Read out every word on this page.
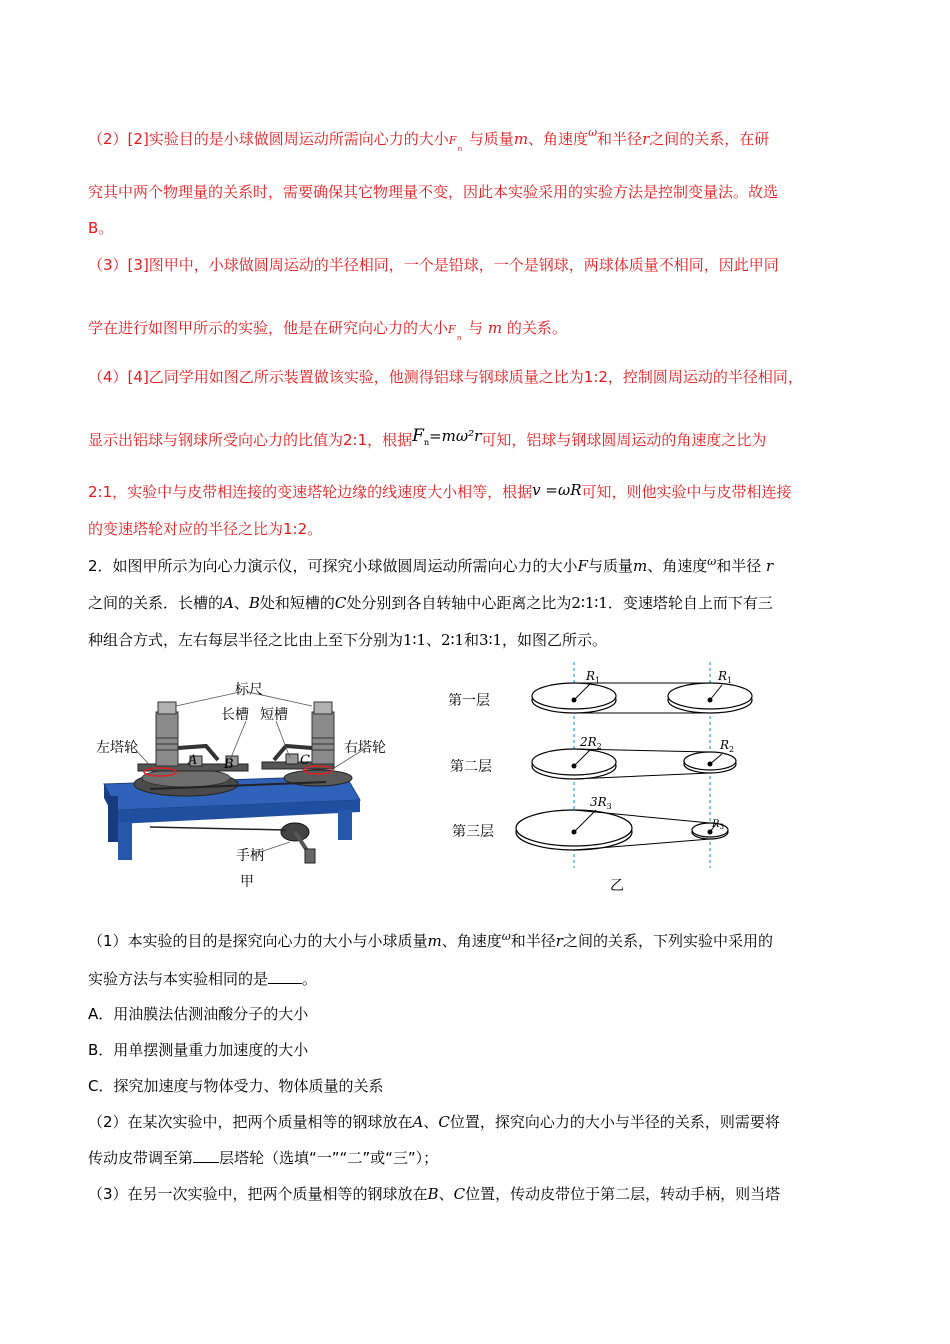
（2）[2]实验目的是小球做圆周运动所需向心力的大小 F
n
与质量m、角速度$^\omega$和半径r之间的关系，在研
究其中两个物理量的关系时，需要确保其它物理量不变，因此本实验采用的实验方法是控制变量法。故选
B。
（3）[3]图甲中，小球做圆周运动的半径相同，一个是铅球，一个是钢球，两球体质量不相同，因此甲同
学在进行如图甲所示的实验，他是在研究向心力的大小 F
n
与 m 的关系。
（4）[4]乙同学用如图乙所示装置做该实验，他测得铝球与钢球质量之比为1:2，控制圆周运动的半径相同，
显示出铝球与钢球所受向心力的比值为2:1，根据Fn=mω²r可知，铝球与钢球圆周运动的角速度之比为
2:1，实验中与皮带相连接的变速塔轮边缘的线速度大小相等，根据v =ωR可知，则他实验中与皮带相连接
的变速塔轮对应的半径之比为1:2。
2．如图甲所示为向心力演示仪，可探究小球做圆周运动所需向心力的大小F与质量m、角速度$^\omega$和半径 r
之间的关系．长槽的A、B处和短槽的C处分别到各自转轴中心距离之比为2∶1∶1．变速塔轮自上而下有三
种组合方式，左右每层半径之比由上至下分别为1∶1、2∶1和3∶1，如图乙所示。
标尺
长槽 短槽
左塔轮	右塔轮
A B	C
手柄
甲
第一层
第二层
第三层
$R_1$	$R_1$
$2R_2$	$R_2$
$3R_3$
$R_3$
乙
（1）本实验的目的是探究向心力的大小与小球质量m、角速度$^\omega$和半径r之间的关系，下列实验中采用的
实验方法与本实验相同的是 。
A．用油膜法估测油酸分子的大小
B．用单摆测量重力加速度的大小
C．探究加速度与物体受力、物体质量的关系
（2）在某次实验中，把两个质量相等的钢球放在A、C位置，探究向心力的大小与半径的关系，则需要将
传动皮带调至第 层塔轮（选填“一”“二”或“三”）；
（3）在另一次实验中，把两个质量相等的钢球放在B、C位置，传动皮带位于第二层，转动手柄，则当塔
